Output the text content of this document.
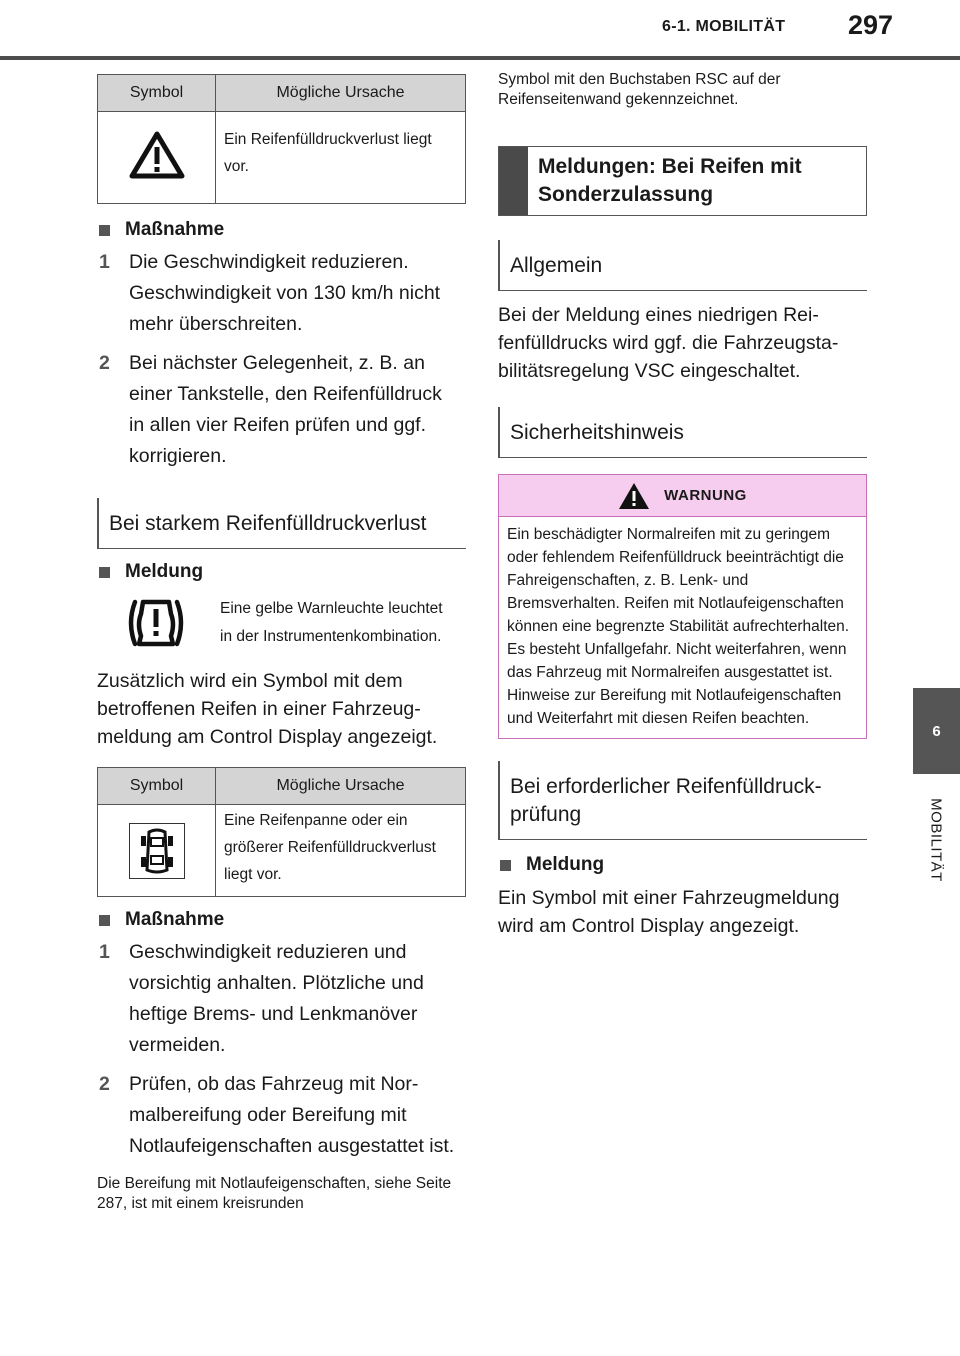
6-1. MOBILITÄT 297
6
MOBILITÄT
Symbol	Mögliche Ursache
	Ein Reifenfülldruckverlust liegt vor.
Maßnahme
1 Die Geschwindigkeit reduzieren. Geschwindigkeit von 130 km/h nicht mehr überschreiten.
2 Bei nächster Gelegenheit, z. B. an einer Tankstelle, den Reifenfülldruck in allen vier Reifen prüfen und ggf. korrigieren.
Bei starkem Reifenfülldruckverlust
Meldung
Eine gelbe Warnleuchte leuchtet in der Instrumentenkombination.
Zusätzlich wird ein Symbol mit dem betroffenen Reifen in einer Fahrzeugmeldung am Control Display angezeigt.
Symbol	Mögliche Ursache

	Eine Reifenpanne oder ein größerer Reifenfülldruckverlust liegt vor.
Maßnahme
1 Geschwindigkeit reduzieren und vorsichtig anhalten. Plötzliche und heftige Brems- und Lenkmanöver vermeiden.
2 Prüfen, ob das Fahrzeug mit Normalbereifung oder Bereifung mit Notlaufeigenschaften ausgestattet ist.
Die Bereifung mit Notlaufeigenschaften, siehe Seite 287, ist mit einem kreisrunden
Symbol mit den Buchstaben RSC auf der Reifenseitenwand gekennzeichnet.
Meldungen: Bei Reifen mit Sonderzulassung
Allgemein
Bei der Meldung eines niedrigen Reifenfülldrucks wird ggf. die Fahrzeugstabilitätsregelung VSC eingeschaltet.
Sicherheitshinweis
WARNUNG
Ein beschädigter Normalreifen mit zu geringem oder fehlendem Reifenfülldruck beeinträchtigt die Fahreigenschaften, z. B. Lenk- und Bremsverhalten. Reifen mit Notlaufeigenschaften können eine begrenzte Stabilität aufrechterhalten. Es besteht Unfallgefahr. Nicht weiterfahren, wenn das Fahrzeug mit Normalreifen ausgestattet ist. Hinweise zur Bereifung mit Notlaufeigenschaften und Weiterfahrt mit diesen Reifen beachten.
Bei erforderlicher Reifenfülldruckprüfung
Meldung
Ein Symbol mit einer Fahrzeugmeldung wird am Control Display angezeigt.
